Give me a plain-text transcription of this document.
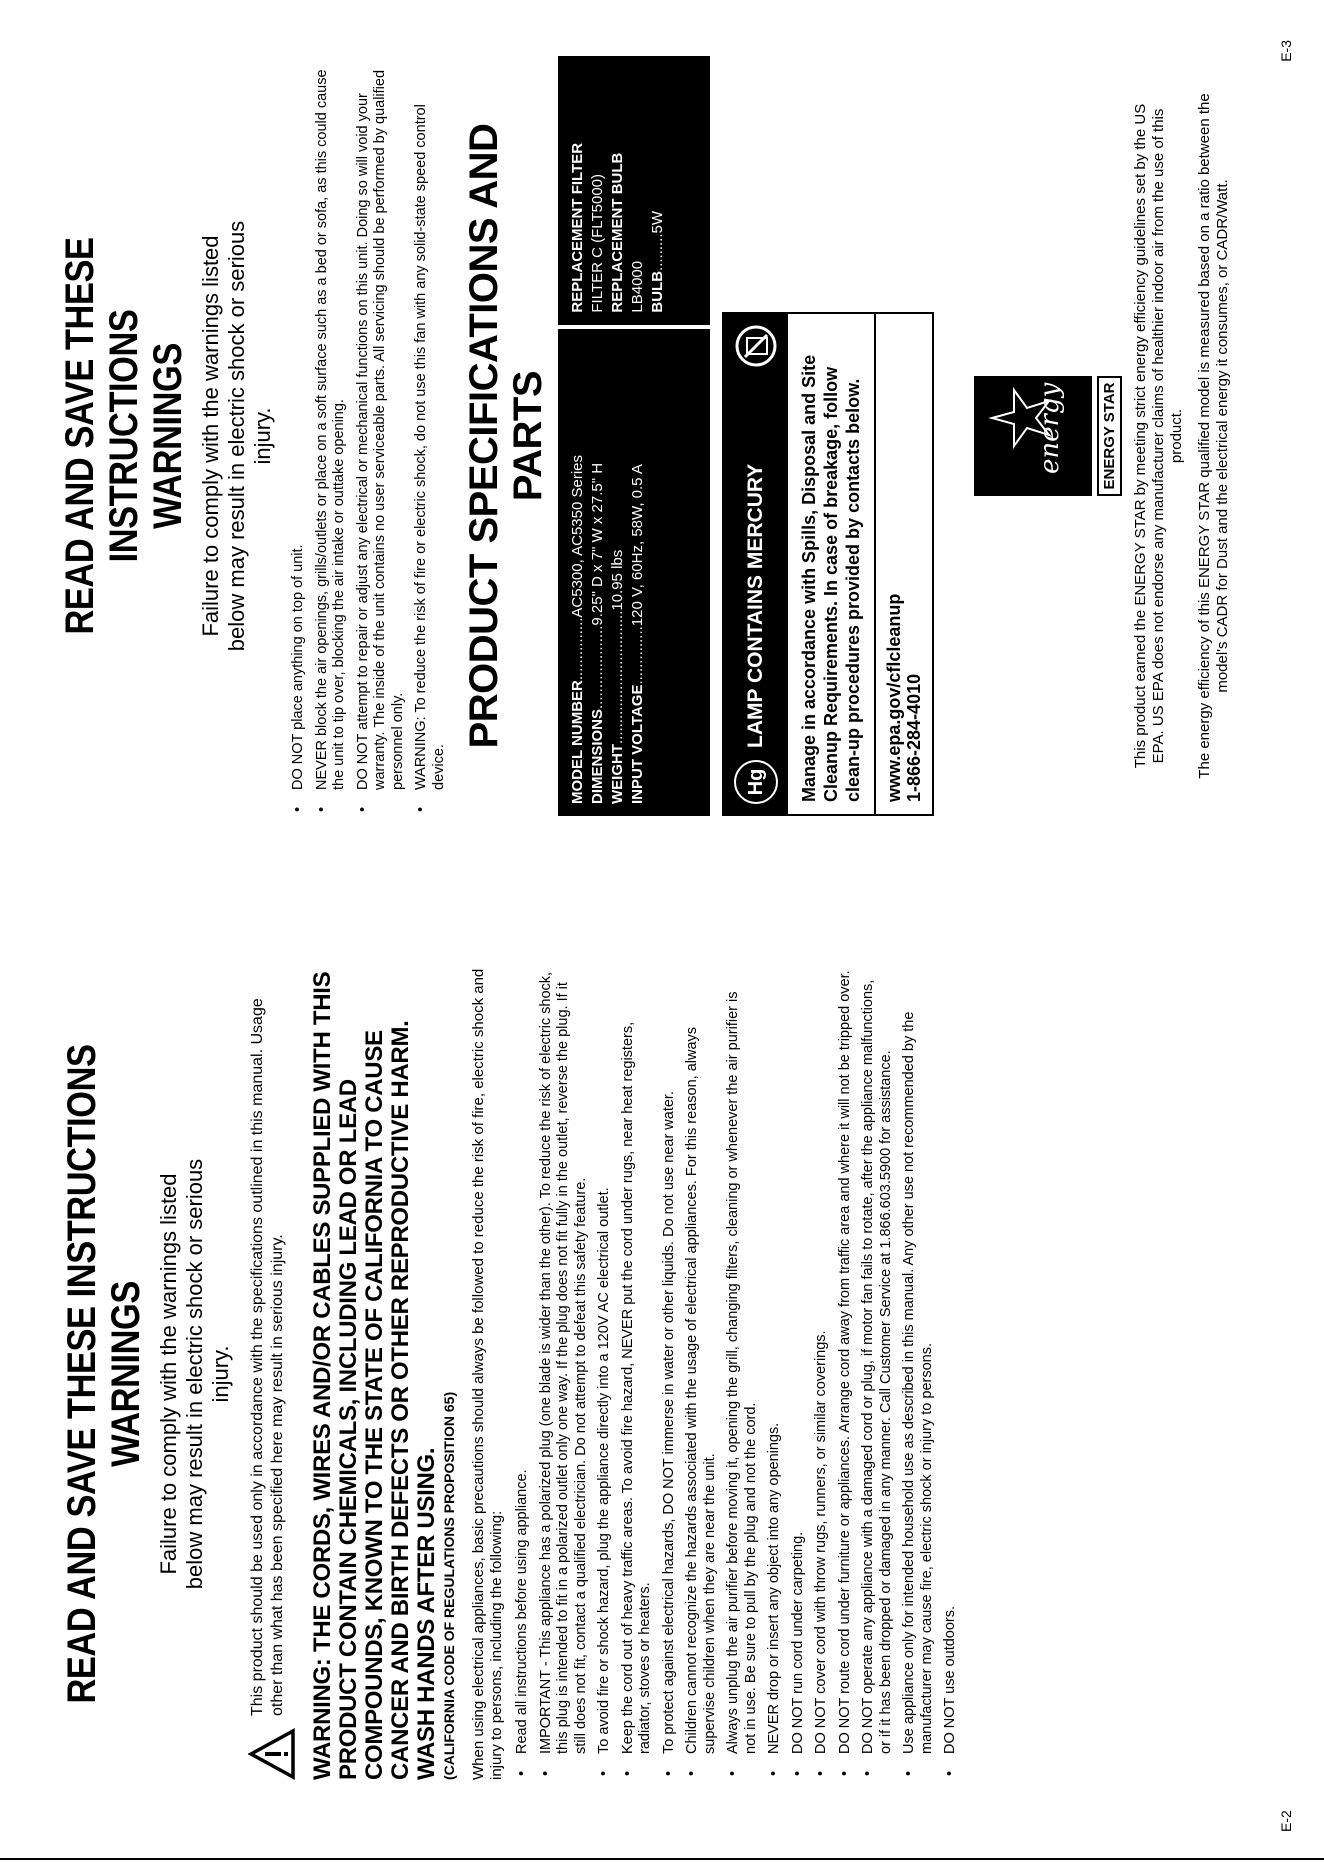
READ AND SAVE THESE INSTRUCTIONS WARNINGS Failure to comply with the warnings listed below may result in electric shock or serious injury. This product should be used only in accordance with the specifications outlined in this manual. Usage other than what has been specified here may result in serious injury. WARNING: THE CORDS, WIRES AND/OR CABLES SUPPLIED WITH THIS PRODUCT CONTAIN CHEMICALS, INCLUDING LEAD OR LEAD COMPOUNDS, KNOWN TO THE STATE OF CALIFORNIA TO CAUSE CANCER AND BIRTH DEFECTS OR OTHER REPRODUCTIVE HARM. WASH HANDS AFTER USING. (CALIFORNIA CODE OF REGULATIONS PROPOSITION 65) When using electrical appliances, basic precautions should always be followed to reduce the risk of fire, electric shock and injury to persons, including the following: • Read all instructions before using appliance. • IMPORTANT - This appliance has a polarized plug (one blade is wider than the other). To reduce the risk of electric shock, this plug is intended to fit in a polarized outlet only one way. If the plug does not fit fully in the outlet, reverse the plug. If it still does not fit, contact a qualified electrician. Do not attempt to defeat this safety feature. • To avoid fire or shock hazard, plug the appliance directly into a 120V AC electrical outlet. • Keep the cord out of heavy traffic areas. To avoid fire hazard, NEVER put the cord under rugs, near heat registers, radiator, stoves or heaters. • To protect against electrical hazards, DO NOT immerse in water or other liquids. Do not use near water. • Children cannot recognize the hazards associated with the usage of electrical appliances. For this reason, always supervise children when they are near the unit. • Always unplug the air purifier before moving it, opening the grill, changing filters, cleaning or whenever the air purifier is not in use. Be sure to pull by the plug and not the cord. • NEVER drop or insert any object into any openings. • DO NOT run cord under carpeting. • DO NOT cover cord with throw rugs, runners, or similar coverings. • DO NOT route cord under furniture or appliances. Arrange cord away from traffic area and where it will not be tripped over. • DO NOT operate any appliance with a damaged cord or plug, if motor fan fails to rotate, after the appliance malfunctions, or if it has been dropped or damaged in any manner. Call Customer Service at 1.866.603.5900 for assistance. • Use appliance only for intended household use as described in this manual. Any other use not recommended by the manufacturer may cause fire, electric shock or injury to persons. • DO NOT use outdoors.
E-2
READ AND SAVE THESE INSTRUCTIONS WARNINGS Failure to comply with the warnings listed below may result in electric shock or serious injury.
• DO NOT place anything on top of unit. • NEVER block the air openings, grills/outlets or place on a soft surface such as a bed or sofa, as this could cause the unit to tip over, blocking the air intake or outtake opening. • DO NOT attempt to repair or adjust any electrical or mechanical functions on this unit. Doing so will void your warranty. The inside of the unit contains no user serviceable parts. All servicing should be performed by qualified personnel only. • WARNING: To reduce the risk of fire or electric shock, do not use this fan with any solid-state speed control device.
PRODUCT SPECIFICATIONS AND PARTS
MODEL NUMBER...............AC5300, AC5350 Series
DIMENSIONS....................9.25" D x 7" W x 27.5" H
WEIGHT................................10.95 lbs
INPUT VOLTAGE..............120 V, 60Hz, 58W, 0.5 A
REPLACEMENT FILTER FILTER C (FLT5000) REPLACEMENT BULB LB4000 BULB.........5W
Hg
LAMP CONTAINS MERCURY	Manage in accordance with Spills, Disposal and Site Cleanup Requirements. In case of breakage, follow clean-up procedures provided by contacts below.	www.epa.gov/cflcleanup 1-866-284-4010
energy ENERGY STAR This product earned the ENERGY STAR by meeting strict energy efficiency guidelines set by the US EPA. US EPA does not endorse any manufacturer claims of healthier indoor air from the use of this product. The energy efficiency of this ENERGY STAR qualified model is measured based on a ratio between the model's CADR for Dust and the electrical energy it consumes, or CADR/Watt.
E-3
